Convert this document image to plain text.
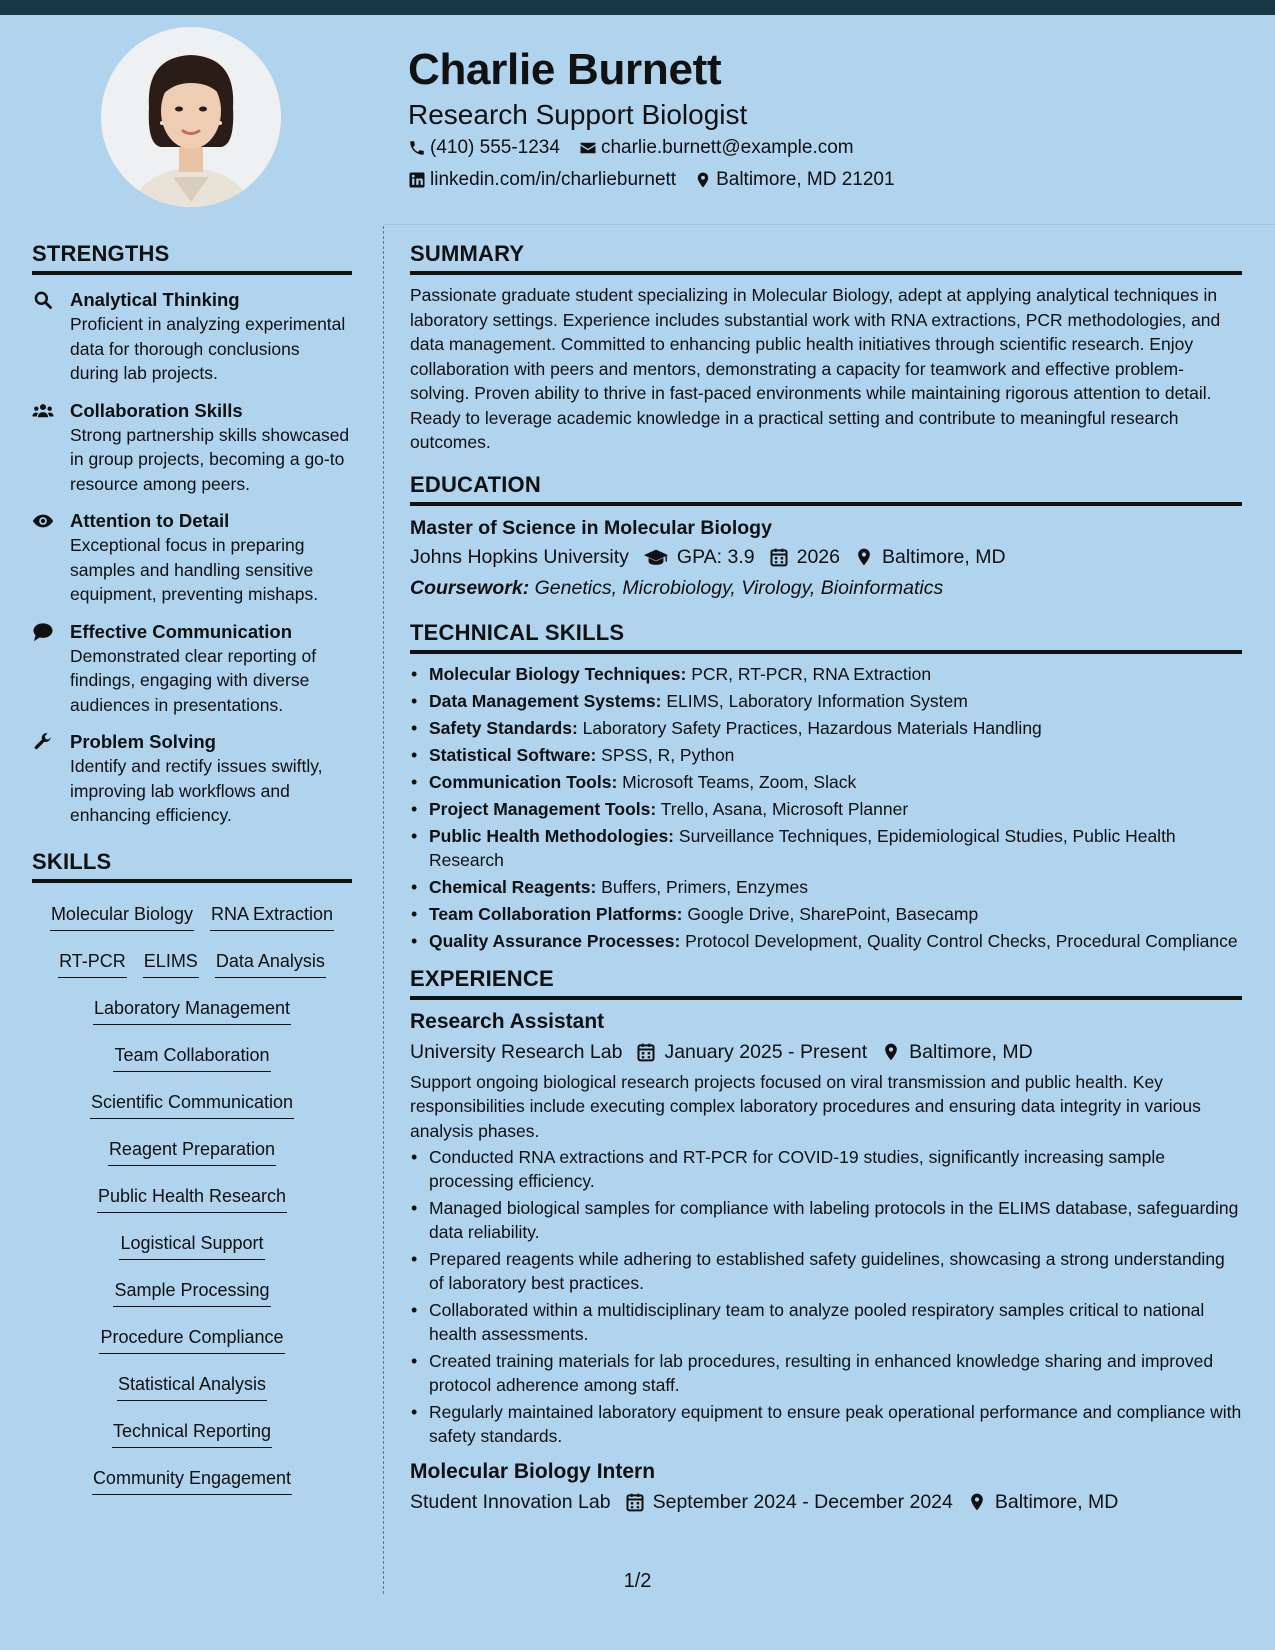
Charlie Burnett
Research Support Biologist
(410) 555-1234 charlie.burnett@example.com
linkedin.com/in/charlieburnett Baltimore, MD 21201
STRENGTHS
Analytical Thinking
Proficient in analyzing experimental data for thorough conclusions during lab projects.
Collaboration Skills
Strong partnership skills showcased in group projects, becoming a go-to resource among peers.
Attention to Detail
Exceptional focus in preparing samples and handling sensitive equipment, preventing mishaps.
Effective Communication
Demonstrated clear reporting of findings, engaging with diverse audiences in presentations.
Problem Solving
Identify and rectify issues swiftly, improving lab workflows and enhancing efficiency.
SKILLS
Molecular Biology RNA Extraction
RT-PCR ELIMS Data Analysis
Laboratory Management
Team Collaboration
Scientific Communication
Reagent Preparation
Public Health Research
Logistical Support
Sample Processing
Procedure Compliance
Statistical Analysis
Technical Reporting
Community Engagement
SUMMARY
Passionate graduate student specializing in Molecular Biology, adept at applying analytical techniques in laboratory settings. Experience includes substantial work with RNA extractions, PCR methodologies, and data management. Committed to enhancing public health initiatives through scientific research. Enjoy collaboration with peers and mentors, demonstrating a capacity for teamwork and effective problem-solving. Proven ability to thrive in fast-paced environments while maintaining rigorous attention to detail. Ready to leverage academic knowledge in a practical setting and contribute to meaningful research outcomes.
EDUCATION
Master of Science in Molecular Biology
Johns Hopkins University GPA: 3.9 2026 Baltimore, MD
Coursework: Genetics, Microbiology, Virology, Bioinformatics
TECHNICAL SKILLS
• Molecular Biology Techniques: PCR, RT-PCR, RNA Extraction
• Data Management Systems: ELIMS, Laboratory Information System
• Safety Standards: Laboratory Safety Practices, Hazardous Materials Handling
• Statistical Software: SPSS, R, Python
• Communication Tools: Microsoft Teams, Zoom, Slack
• Project Management Tools: Trello, Asana, Microsoft Planner
• Public Health Methodologies: Surveillance Techniques, Epidemiological Studies, Public Health Research
• Chemical Reagents: Buffers, Primers, Enzymes
• Team Collaboration Platforms: Google Drive, SharePoint, Basecamp
• Quality Assurance Processes: Protocol Development, Quality Control Checks, Procedural Compliance
EXPERIENCE
Research Assistant
University Research Lab January 2025 - Present Baltimore, MD
Support ongoing biological research projects focused on viral transmission and public health. Key responsibilities include executing complex laboratory procedures and ensuring data integrity in various analysis phases.
• Conducted RNA extractions and RT-PCR for COVID-19 studies, significantly increasing sample processing efficiency.
• Managed biological samples for compliance with labeling protocols in the ELIMS database, safeguarding data reliability.
• Prepared reagents while adhering to established safety guidelines, showcasing a strong understanding of laboratory best practices.
• Collaborated within a multidisciplinary team to analyze pooled respiratory samples critical to national health assessments.
• Created training materials for lab procedures, resulting in enhanced knowledge sharing and improved protocol adherence among staff.
• Regularly maintained laboratory equipment to ensure peak operational performance and compliance with safety standards.
Molecular Biology Intern
Student Innovation Lab September 2024 - December 2024 Baltimore, MD
1/2
